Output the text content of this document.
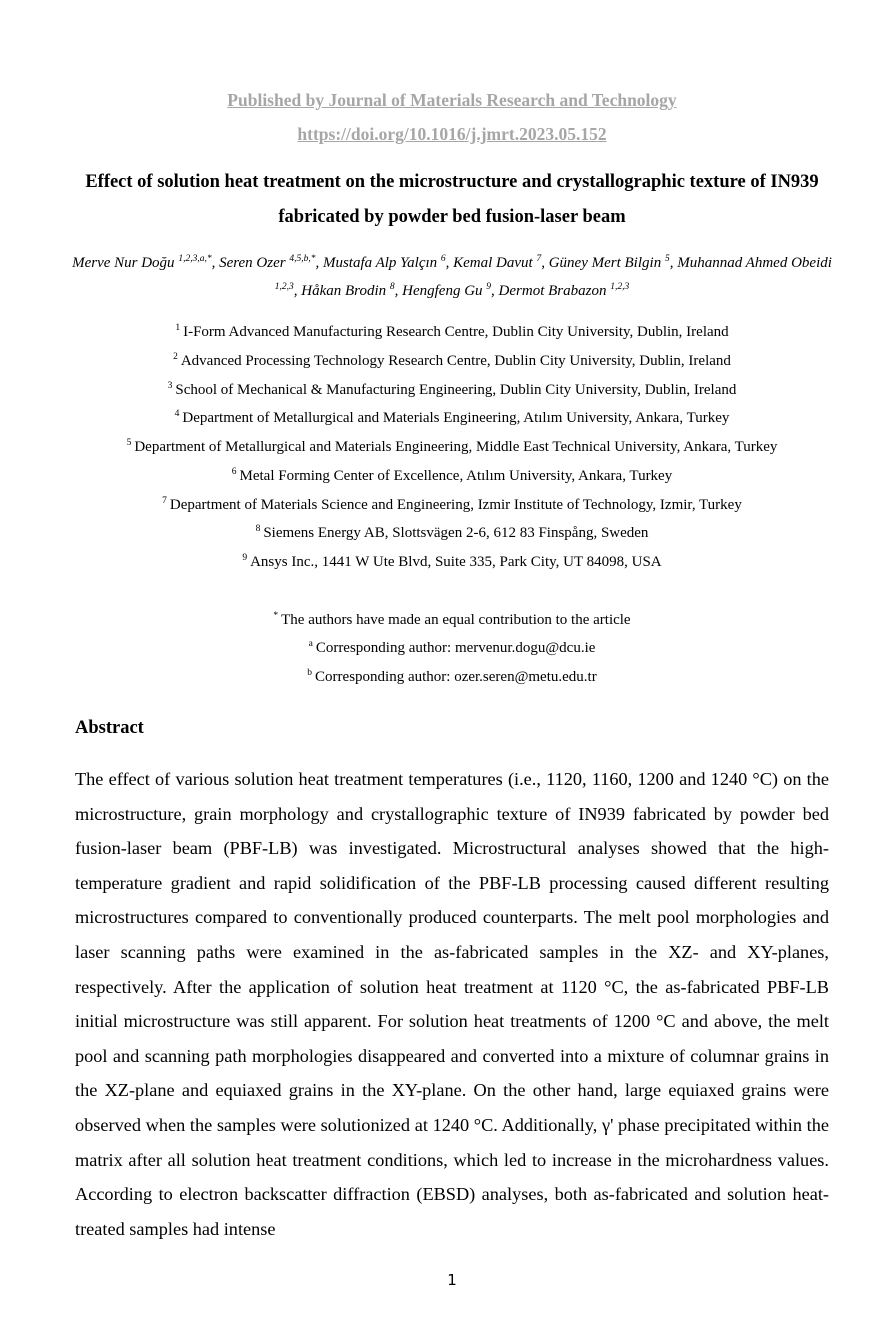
Published by Journal of Materials Research and Technology
https://doi.org/10.1016/j.jmrt.2023.05.152
Effect of solution heat treatment on the microstructure and crystallographic texture of IN939 fabricated by powder bed fusion-laser beam
Merve Nur Doğu $^{1,2,3,a,*}$, Seren Ozer $^{4,5,b,*}$, Mustafa Alp Yalçın $^6$, Kemal Davut $^7$, Güney Mert Bilgin $^5$, Muhannad Ahmed Obeidi $^{1,2,3}$, Håkan Brodin $^8$, Hengfeng Gu $^9$, Dermot Brabazon $^{1,2,3}$
$^1$ I-Form Advanced Manufacturing Research Centre, Dublin City University, Dublin, Ireland
$^2$ Advanced Processing Technology Research Centre, Dublin City University, Dublin, Ireland
$^3$ School of Mechanical & Manufacturing Engineering, Dublin City University, Dublin, Ireland
$^4$ Department of Metallurgical and Materials Engineering, Atılım University, Ankara, Turkey
$^5$ Department of Metallurgical and Materials Engineering, Middle East Technical University, Ankara, Turkey
$^6$ Metal Forming Center of Excellence, Atılım University, Ankara, Turkey
$^7$ Department of Materials Science and Engineering, Izmir Institute of Technology, Izmir, Turkey
$^8$ Siemens Energy AB, Slottsvägen 2-6, 612 83 Finspång, Sweden
$^9$ Ansys Inc., 1441 W Ute Blvd, Suite 335, Park City, UT 84098, USA
* The authors have made an equal contribution to the article
$^a$ Corresponding author: mervenur.dogu@dcu.ie
$^b$ Corresponding author: ozer.seren@metu.edu.tr
Abstract
The effect of various solution heat treatment temperatures (i.e., 1120, 1160, 1200 and 1240 °C) on the microstructure, grain morphology and crystallographic texture of IN939 fabricated by powder bed fusion-laser beam (PBF-LB) was investigated. Microstructural analyses showed that the high-temperature gradient and rapid solidification of the PBF-LB processing caused different resulting microstructures compared to conventionally produced counterparts. The melt pool morphologies and laser scanning paths were examined in the as-fabricated samples in the XZ- and XY-planes, respectively. After the application of solution heat treatment at 1120 °C, the as-fabricated PBF-LB initial microstructure was still apparent. For solution heat treatments of 1200 °C and above, the melt pool and scanning path morphologies disappeared and converted into a mixture of columnar grains in the XZ-plane and equiaxed grains in the XY-plane. On the other hand, large equiaxed grains were observed when the samples were solutionized at 1240 °C. Additionally, γ' phase precipitated within the matrix after all solution heat treatment conditions, which led to increase in the microhardness values. According to electron backscatter diffraction (EBSD) analyses, both as-fabricated and solution heat-treated samples had intense
1
